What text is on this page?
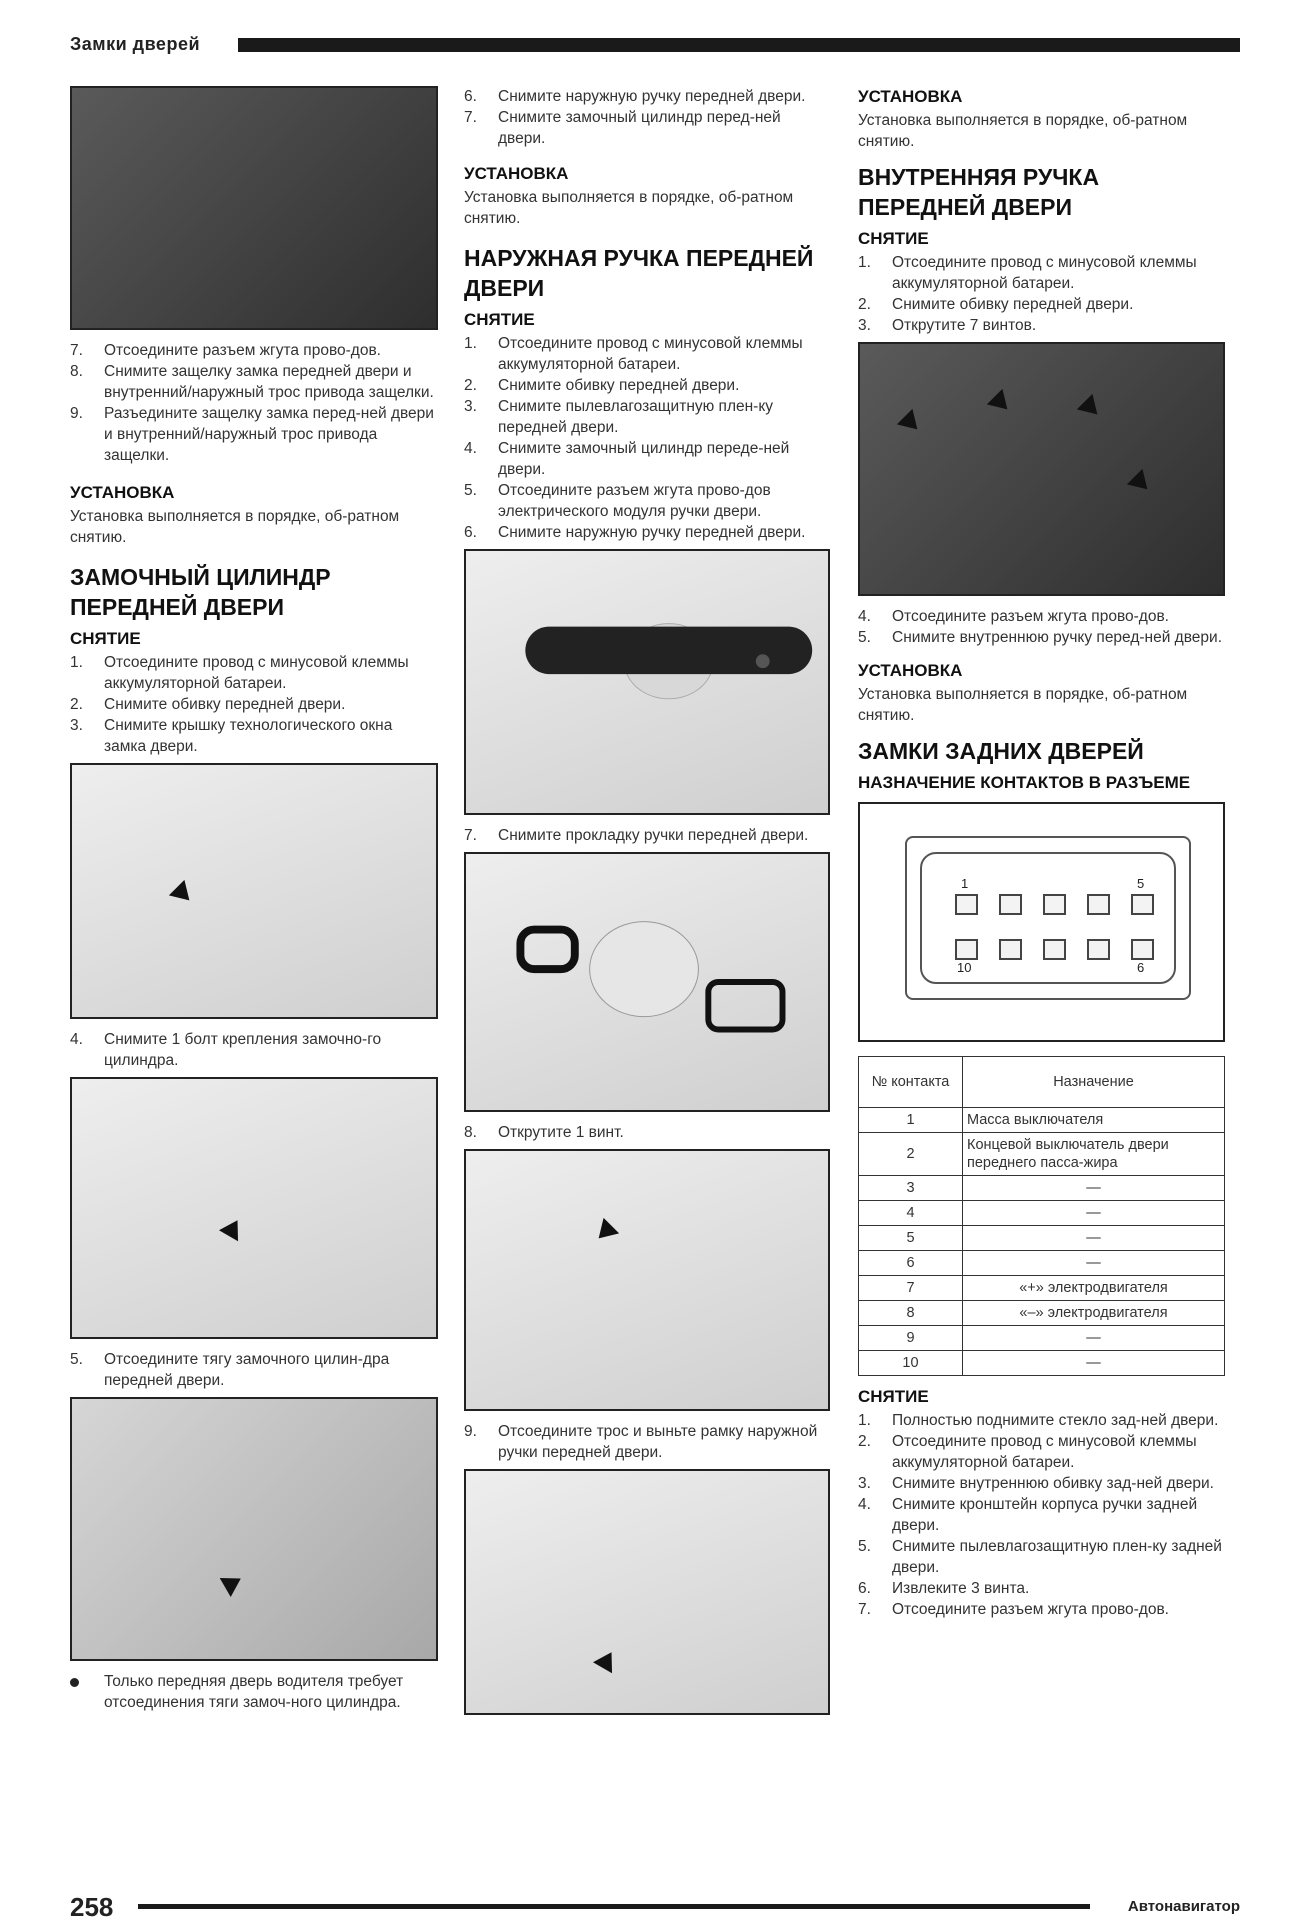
Замки дверей
7.	Отсоедините разъем жгута прово-дов.
8.	Снимите защелку замка передней двери и внутренний/наружный трос привода защелки.
9.	Разъедините защелку замка перед-ней двери и внутренний/наружный трос привода защелки.
УСТАНОВКА

Установка выполняется в порядке, об-ратном снятию.

ЗАМОЧНЫЙ ЦИЛИНДР ПЕРЕДНЕЙ ДВЕРИ
СНЯТИЕ
1.	Отсоедините провод с минусовой клеммы аккумуляторной батареи.
2.	Снимите обивку передней двери.
3.	Снимите крышку технологического окна замка двери.
4.	Снимите 1 болт крепления замочно-го цилиндра.
5.	Отсоедините тягу замочного цилин-дра передней двери.
Только передняя дверь водителя требует отсоединения тяги замоч-ного цилиндра.
6.	Снимите наружную ручку передней двери.
7.	Снимите замочный цилиндр перед-ней двери.
УСТАНОВКА

Установка выполняется в порядке, об-ратном снятию.

НАРУЖНАЯ РУЧКА ПЕРЕДНЕЙ ДВЕРИ
СНЯТИЕ
1.	Отсоедините провод с минусовой клеммы аккумуляторной батареи.
2.	Снимите обивку передней двери.
3.	Снимите пылевлагозащитную плен-ку передней двери.
4.	Снимите замочный цилиндр переде-ней двери.
5.	Отсоедините разъем жгута прово-дов электрического модуля ручки двери.
6.	Снимите наружную ручку передней двери.
7.	Снимите прокладку ручки передней двери.
8.	Открутите 1 винт.
9.	Отсоедините трос и выньте рамку наружной ручки передней двери.
УСТАНОВКА

Установка выполняется в порядке, об-ратном снятию.

ВНУТРЕННЯЯ РУЧКА ПЕРЕДНЕЙ ДВЕРИ
СНЯТИЕ
1.	Отсоедините провод с минусовой клеммы аккумуляторной батареи.
2.	Снимите обивку передней двери.
3.	Открутите 7 винтов.
4.	Отсоедините разъем жгута прово-дов.
5.	Снимите внутреннюю ручку перед-ней двери.
УСТАНОВКА

Установка выполняется в порядке, об-ратном снятию.

ЗАМКИ ЗАДНИХ ДВЕРЕЙ
НАЗНАЧЕНИЕ КОНТАКТОВ В РАЗЪЕМЕ
1	5
10	6
№ контакта	Назначение
1	Масса выключателя
2	Концевой выключатель двери переднего пасса-жира
3	—
4	—
5	—
6	—
7	«+» электродвигателя
8	«–» электродвигателя
9	—
10	—
СНЯТИЕ
1.	Полностью поднимите стекло зад-ней двери.
2.	Отсоедините провод с минусовой клеммы аккумуляторной батареи.
3.	Снимите внутреннюю обивку зад-ней двери.
4.	Снимите кронштейн корпуса ручки задней двери.
5.	Снимите пылевлагозащитную плен-ку задней двери.
6.	Извлеките 3 винта.
7.	Отсоедините разъем жгута прово-дов.
258	Автонавигатор
